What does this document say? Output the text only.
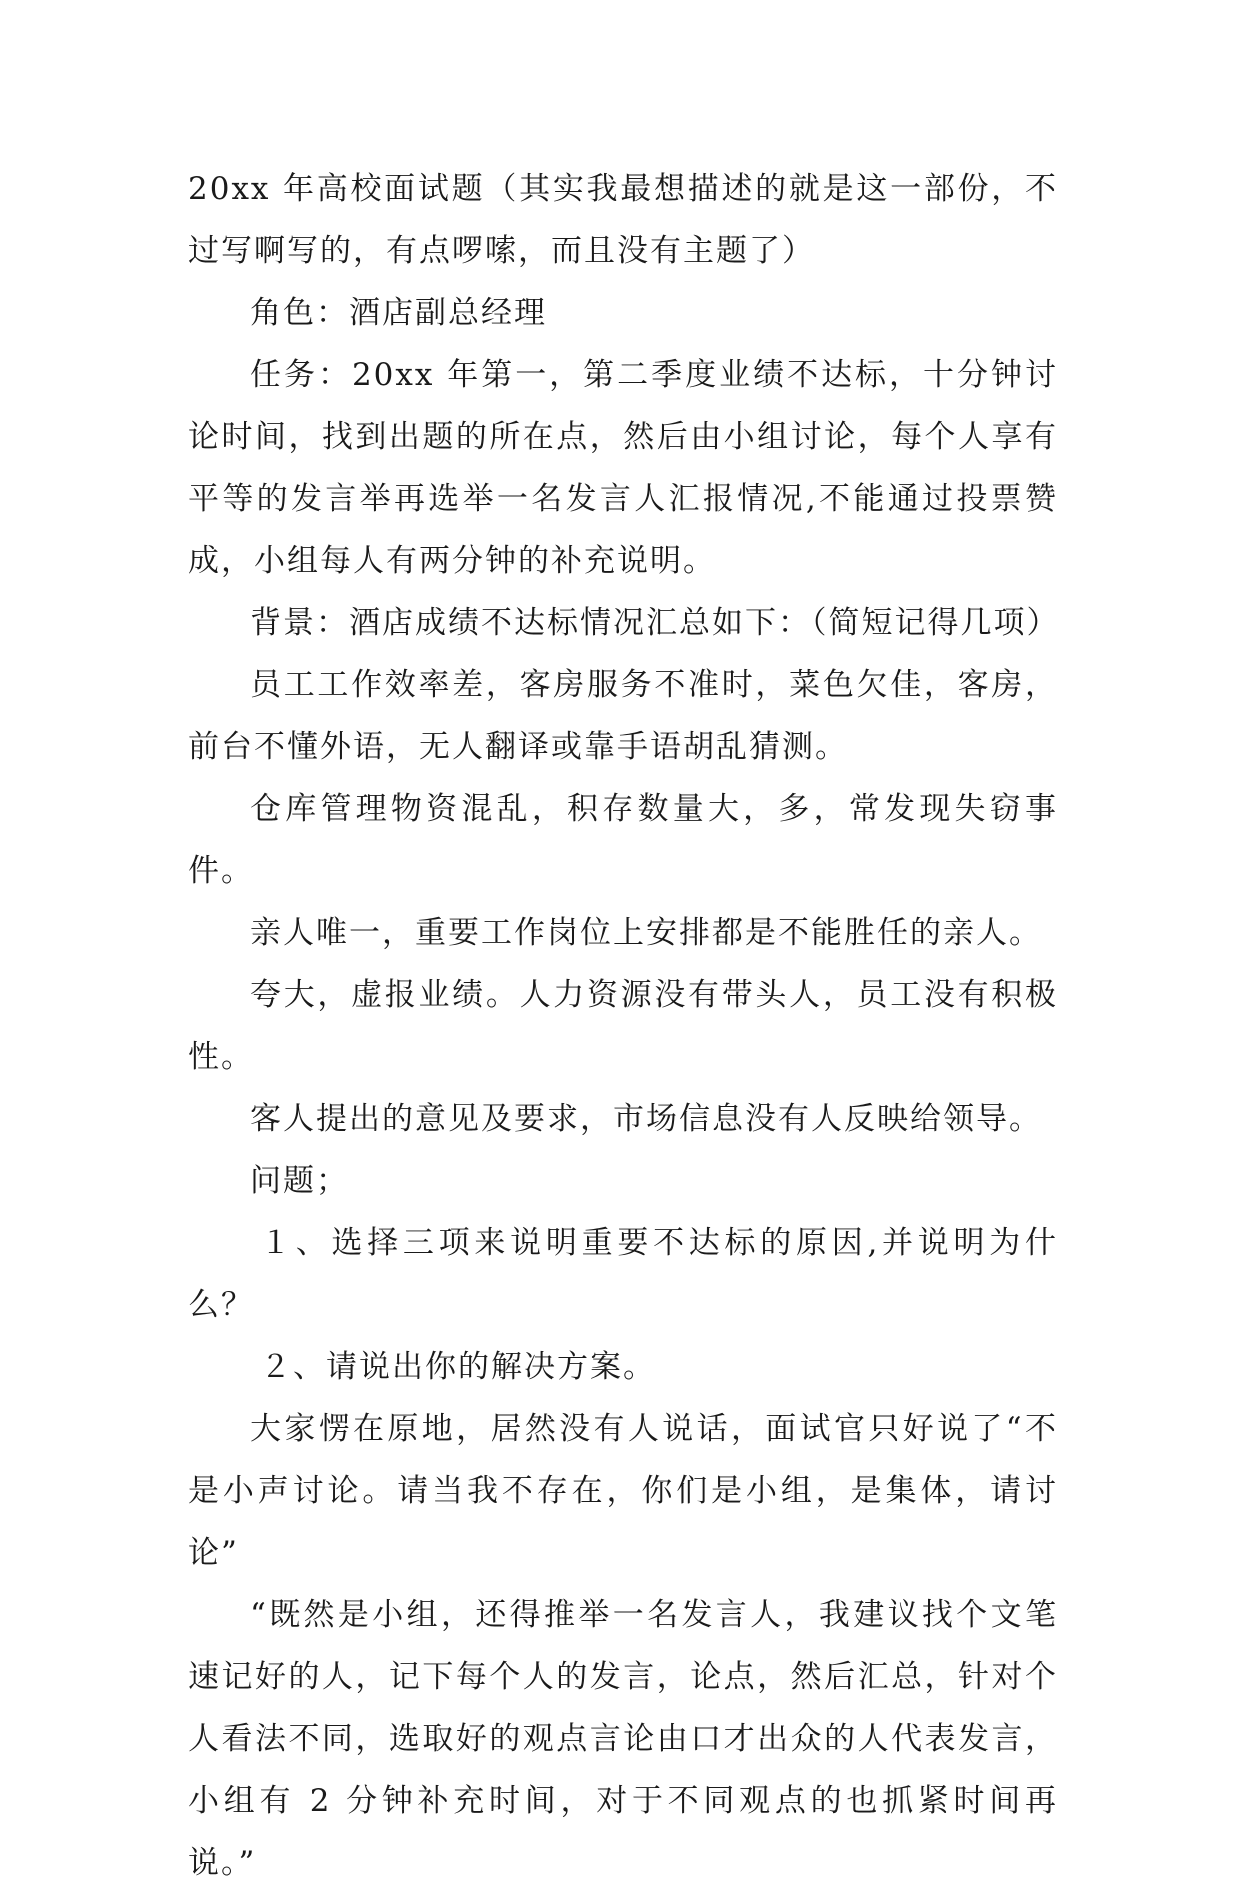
20xx 年高校面试题（其实我最想描述的就是这一部份，不过写啊写的，有点啰嗦，而且没有主题了）

角色：酒店副总经理

任务：20xx 年第一，第二季度业绩不达标，十分钟讨论时间，找到出题的所在点，然后由小组讨论，每个人享有平等的发言举再选举一名发言人汇报情况,不能通过投票赞成，小组每人有两分钟的补充说明。

背景：酒店成绩不达标情况汇总如下：（简短记得几项）

员工工作效率差，客房服务不准时，菜色欠佳，客房，前台不懂外语，无人翻译或靠手语胡乱猜测。

仓库管理物资混乱，积存数量大，多，常发现失窃事件。

亲人唯一，重要工作岗位上安排都是不能胜任的亲人。

夸大，虚报业绩。人力资源没有带头人，员工没有积极性。

客人提出的意见及要求，市场信息没有人反映给领导。

问题；

１、选择三项来说明重要不达标的原因,并说明为什么？

２、请说出你的解决方案。

大家愣在原地，居然没有人说话，面试官只好说了“不是小声讨论。请当我不存在，你们是小组，是集体，请讨论”

“既然是小组，还得推举一名发言人，我建议找个文笔速记好的人，记下每个人的发言，论点，然后汇总，针对个人看法不同，选取好的观点言论由口才出众的人代表发言，小组有 2 分钟补充时间，对于不同观点的也抓紧时间再说。”
